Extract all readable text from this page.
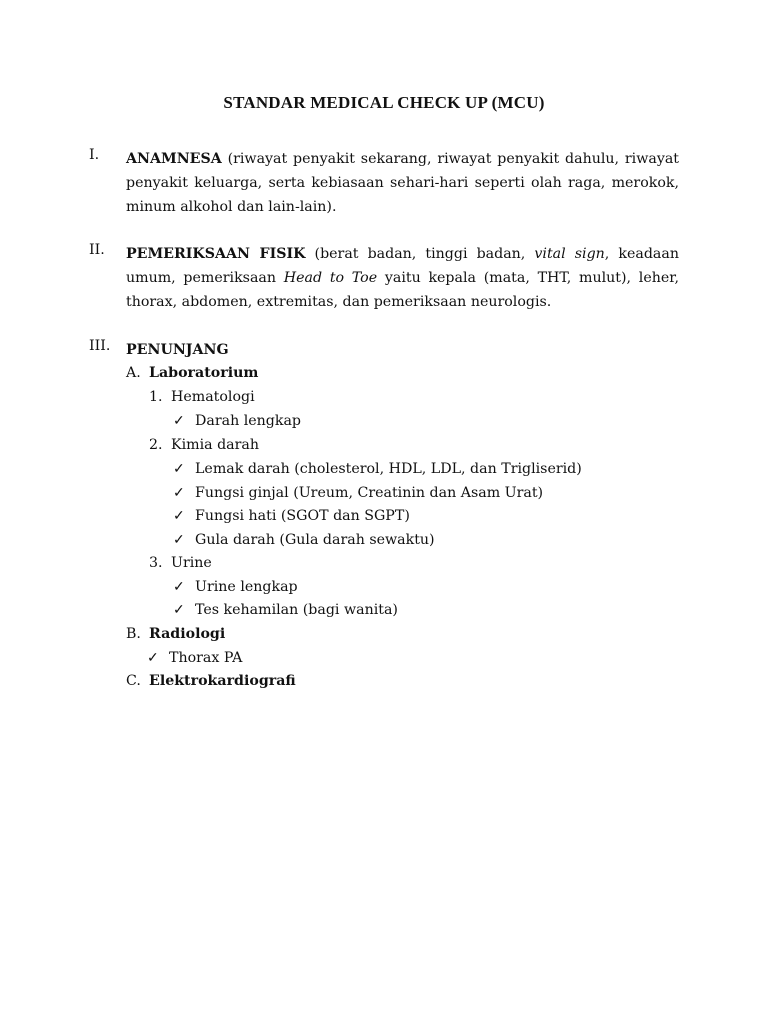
STANDAR MEDICAL CHECK UP (MCU)
I. ANAMNESA (riwayat penyakit sekarang, riwayat penyakit dahulu, riwayat penyakit keluarga, serta kebiasaan sehari-hari seperti olah raga, merokok, minum alkohol dan lain-lain).

II. PEMERIKSAAN FISIK (berat badan, tinggi badan, vital sign, keadaan umum, pemeriksaan Head to Toe yaitu kepala (mata, THT, mulut), leher, thorax, abdomen, extremitas, dan pemeriksaan neurologis.

III. PENUNJANG
A. Laboratorium
1. Hematologi
✓ Darah lengkap
2. Kimia darah
✓ Lemak darah (cholesterol, HDL, LDL, dan Trigliserid)
✓ Fungsi ginjal (Ureum, Creatinin dan Asam Urat)
✓ Fungsi hati (SGOT dan SGPT)
✓ Gula darah (Gula darah sewaktu)
3. Urine
✓ Urine lengkap
✓ Tes kehamilan (bagi wanita)
B. Radiologi
✓ Thorax PA
C. Elektrokardiografi
